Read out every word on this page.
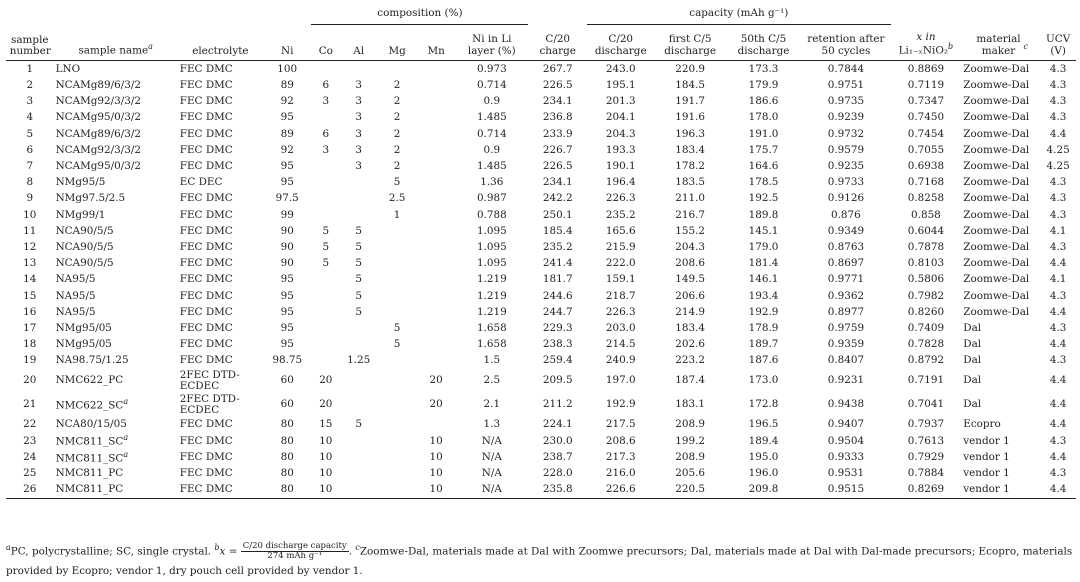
				composition (%)						capacity (mAh g⁻¹)						
sample number	sample name$^a$	electrolyte	Ni	Co	Al	Mg	Mn	Ni in Li layer (%)	C/20 charge	C/20 discharge	first C/5 discharge	50th C/5 discharge	retention after 50 cycles	x in
Li₁₋ₓNiO₂$^b$	material maker $^c$	UCV (V)
1	LNO	FEC DMC	100					0.973	267.7	243.0	220.9	173.3	0.7844	0.8869	Zoomwe-Dal	4.3
2	NCAMg89/6/3/2	FEC DMC	89	6	3	2		0.714	226.5	195.1	184.5	179.9	0.9751	0.7119	Zoomwe-Dal	4.3
3	NCAMg92/3/3/2	FEC DMC	92	3	3	2		0.9	234.1	201.3	191.7	186.6	0.9735	0.7347	Zoomwe-Dal	4.3
4	NCAMg95/0/3/2	FEC DMC	95		3	2		1.485	236.8	204.1	191.6	178.0	0.9239	0.7450	Zoomwe-Dal	4.3
5	NCAMg89/6/3/2	FEC DMC	89	6	3	2		0.714	233.9	204.3	196.3	191.0	0.9732	0.7454	Zoomwe-Dal	4.4
6	NCAMg92/3/3/2	FEC DMC	92	3	3	2		0.9	226.7	193.3	183.4	175.7	0.9579	0.7055	Zoomwe-Dal	4.25
7	NCAMg95/0/3/2	FEC DMC	95		3	2		1.485	226.5	190.1	178.2	164.6	0.9235	0.6938	Zoomwe-Dal	4.25
8	NMg95/5	EC DEC	95			5		1.36	234.1	196.4	183.5	178.5	0.9733	0.7168	Zoomwe-Dal	4.3
9	NMg97.5/2.5	FEC DMC	97.5			2.5		0.987	242.2	226.3	211.0	192.5	0.9126	0.8258	Zoomwe-Dal	4.3
10	NMg99/1	FEC DMC	99			1		0.788	250.1	235.2	216.7	189.8	0.876	0.858	Zoomwe-Dal	4.3
11	NCA90/5/5	FEC DMC	90	5	5			1.095	185.4	165.6	155.2	145.1	0.9349	0.6044	Zoomwe-Dal	4.1
12	NCA90/5/5	FEC DMC	90	5	5			1.095	235.2	215.9	204.3	179.0	0.8763	0.7878	Zoomwe-Dal	4.3
13	NCA90/5/5	FEC DMC	90	5	5			1.095	241.4	222.0	208.6	181.4	0.8697	0.8103	Zoomwe-Dal	4.4
14	NA95/5	FEC DMC	95		5			1.219	181.7	159.1	149.5	146.1	0.9771	0.5806	Zoomwe-Dal	4.1
15	NA95/5	FEC DMC	95		5			1.219	244.6	218.7	206.6	193.4	0.9362	0.7982	Zoomwe-Dal	4.3
16	NA95/5	FEC DMC	95		5			1.219	244.7	226.3	214.9	192.9	0.8977	0.8260	Zoomwe-Dal	4.4
17	NMg95/05	FEC DMC	95			5		1.658	229.3	203.0	183.4	178.9	0.9759	0.7409	Dal	4.3
18	NMg95/05	FEC DMC	95			5		1.658	238.3	214.5	202.6	189.7	0.9359	0.7828	Dal	4.4
19	NA98.75/1.25	FEC DMC	98.75		1.25			1.5	259.4	240.9	223.2	187.6	0.8407	0.8792	Dal	4.3
20	NMC622_PC	2FEC DTD-
ECDEC	60	20			20	2.5	209.5	197.0	187.4	173.0	0.9231	0.7191	Dal	4.4
21	$NMC622\_SC^a$	2FEC DTD-
ECDEC	60	20			20	2.1	211.2	192.9	183.1	172.8	0.9438	0.7041	Dal	4.4
22	NCA80/15/05	FEC DMC	80	15	5			1.3	224.1	217.5	208.9	196.5	0.9407	0.7937	Ecopro	4.4
23	$NMC811\_SC^a$	FEC DMC	80	10			10	N/A	230.0	208.6	199.2	189.4	0.9504	0.7613	vendor 1	4.3
24	$NMC811\_SC^a$	FEC DMC	80	10			10	N/A	238.7	217.3	208.9	195.0	0.9333	0.7929	vendor 1	4.4
25	NMC811_PC	FEC DMC	80	10			10	N/A	228.0	216.0	205.6	196.0	0.9531	0.7884	vendor 1	4.3
26	NMC811_PC	FEC DMC	80	10			10	N/A	235.8	226.6	220.5	209.8	0.9515	0.8269	vendor 1	4.4
$^a$PC, polycrystalline; SC, single crystal. $^bx = \frac{\text{C/20 discharge capacity}}{\text{274 mAh g⁻¹}}$ . $^c$Zoomwe-Dal, materials made at Dal with Zoomwe precursors; Dal, materials made at Dal with Dal-made precursors; Ecopro, materials provided by Ecopro; vendor 1, dry pouch cell provided by vendor 1.
